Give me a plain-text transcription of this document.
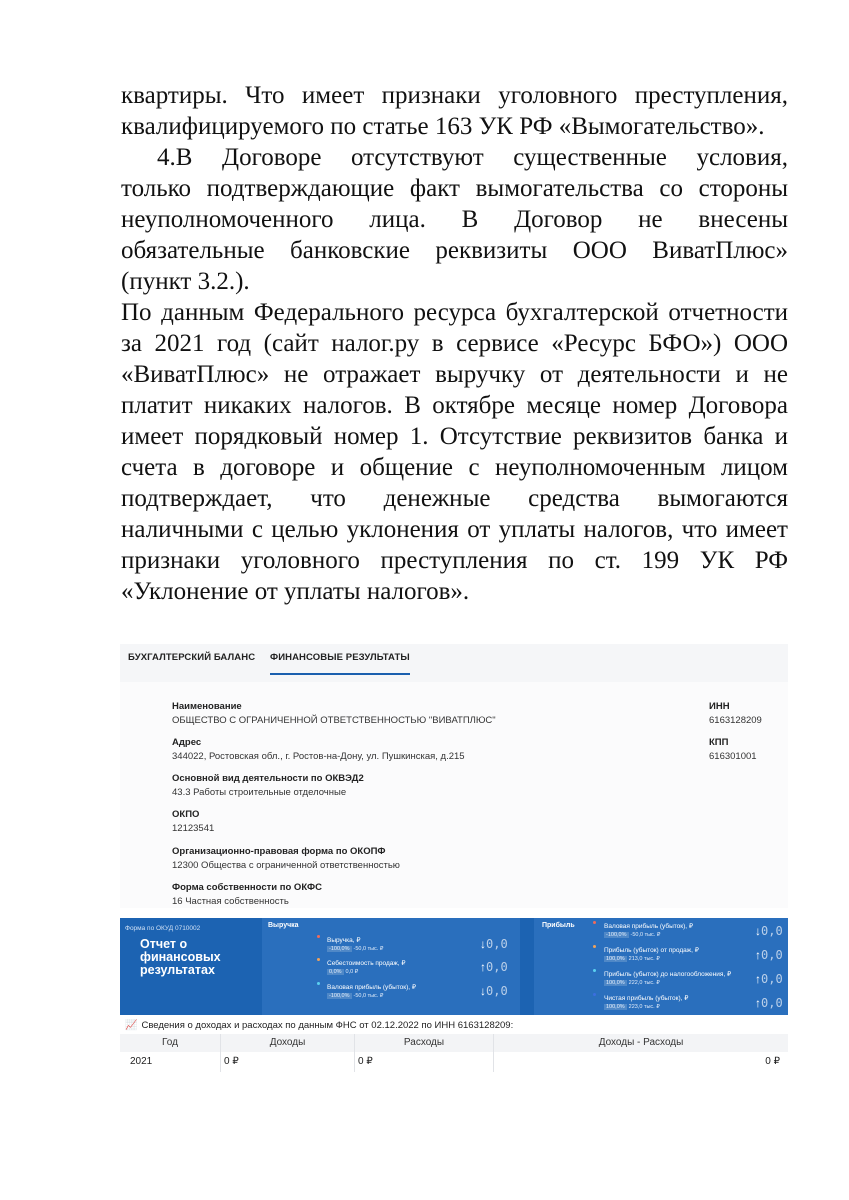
квартиры. Что имеет признаки уголовного преступления,
квалифицируемого по статье 163 УК РФ «Вымогательство».
4.В Договоре отсутствуют существенные условия,
только подтверждающие факт вымогательства со стороны
неуполномоченного лица. В Договор не внесены
обязательные банковские реквизиты ООО ВиватПлюс»
(пункт 3.2.).
По данным Федерального ресурса бухгалтерской отчетности
за 2021 год (сайт налог.ру в сервисе «Ресурс БФО») ООО
«ВиватПлюс» не отражает выручку от деятельности и не
платит никаких налогов. В октябре месяце номер Договора
имеет порядковый номер 1. Отсутствие реквизитов банка и
счета в договоре и общение с неуполномоченным лицом
подтверждает, что денежные средства вымогаются
наличными с целью уклонения от уплаты налогов, что имеет
признаки уголовного преступления по ст. 199 УК РФ
«Уклонение от уплаты налогов».
БУХГАЛТЕРСКИЙ БАЛАНС ФИНАНСОВЫЕ РЕЗУЛЬТАТЫ
Наименование
ОБЩЕСТВО С ОГРАНИЧЕННОЙ ОТВЕТСТВЕННОСТЬЮ "ВИВАТПЛЮС"
Адрес
344022, Ростовская обл., г. Ростов-на-Дону, ул. Пушкинская, д.215
Основной вид деятельности по ОКВЭД2
43.3 Работы строительные отделочные
ОКПО
12123541
Организационно-правовая форма по ОКОПФ
12300 Общества с ограниченной ответственностью
Форма собственности по ОКФС
16 Частная собственность
ИНН
6163128209
КПП
616301001
Форма по ОКУД 0710002
Отчет о финансовых результатах
Выручка	Прибыль
Выручка, ₽
-100,0% -50,0 тыс. ₽	↓0,0
Себестоимость продаж, ₽
0,0% 0,0 ₽	↑0,0
Валовая прибыль (убыток), ₽
-100,0% -50,0 тыс. ₽	↓0,0
Валовая прибыль (убыток), ₽
-100,0% -50,0 тыс. ₽	↓0,0
Прибыль (убыток) от продаж, ₽
100,0% 213,0 тыс. ₽	↑0,0
Прибыль (убыток) до налогообложения, ₽
100,0% 222,0 тыс. ₽	↑0,0
Чистая прибыль (убыток), ₽
100,0% 223,0 тыс. ₽	↑0,0
📈 Сведения о доходах и расходах по данным ФНС от 02.12.2022 по ИНН 6163128209:
Год	Доходы	Расходы	Доходы - Расходы
2021	0 ₽	0 ₽	0 ₽
